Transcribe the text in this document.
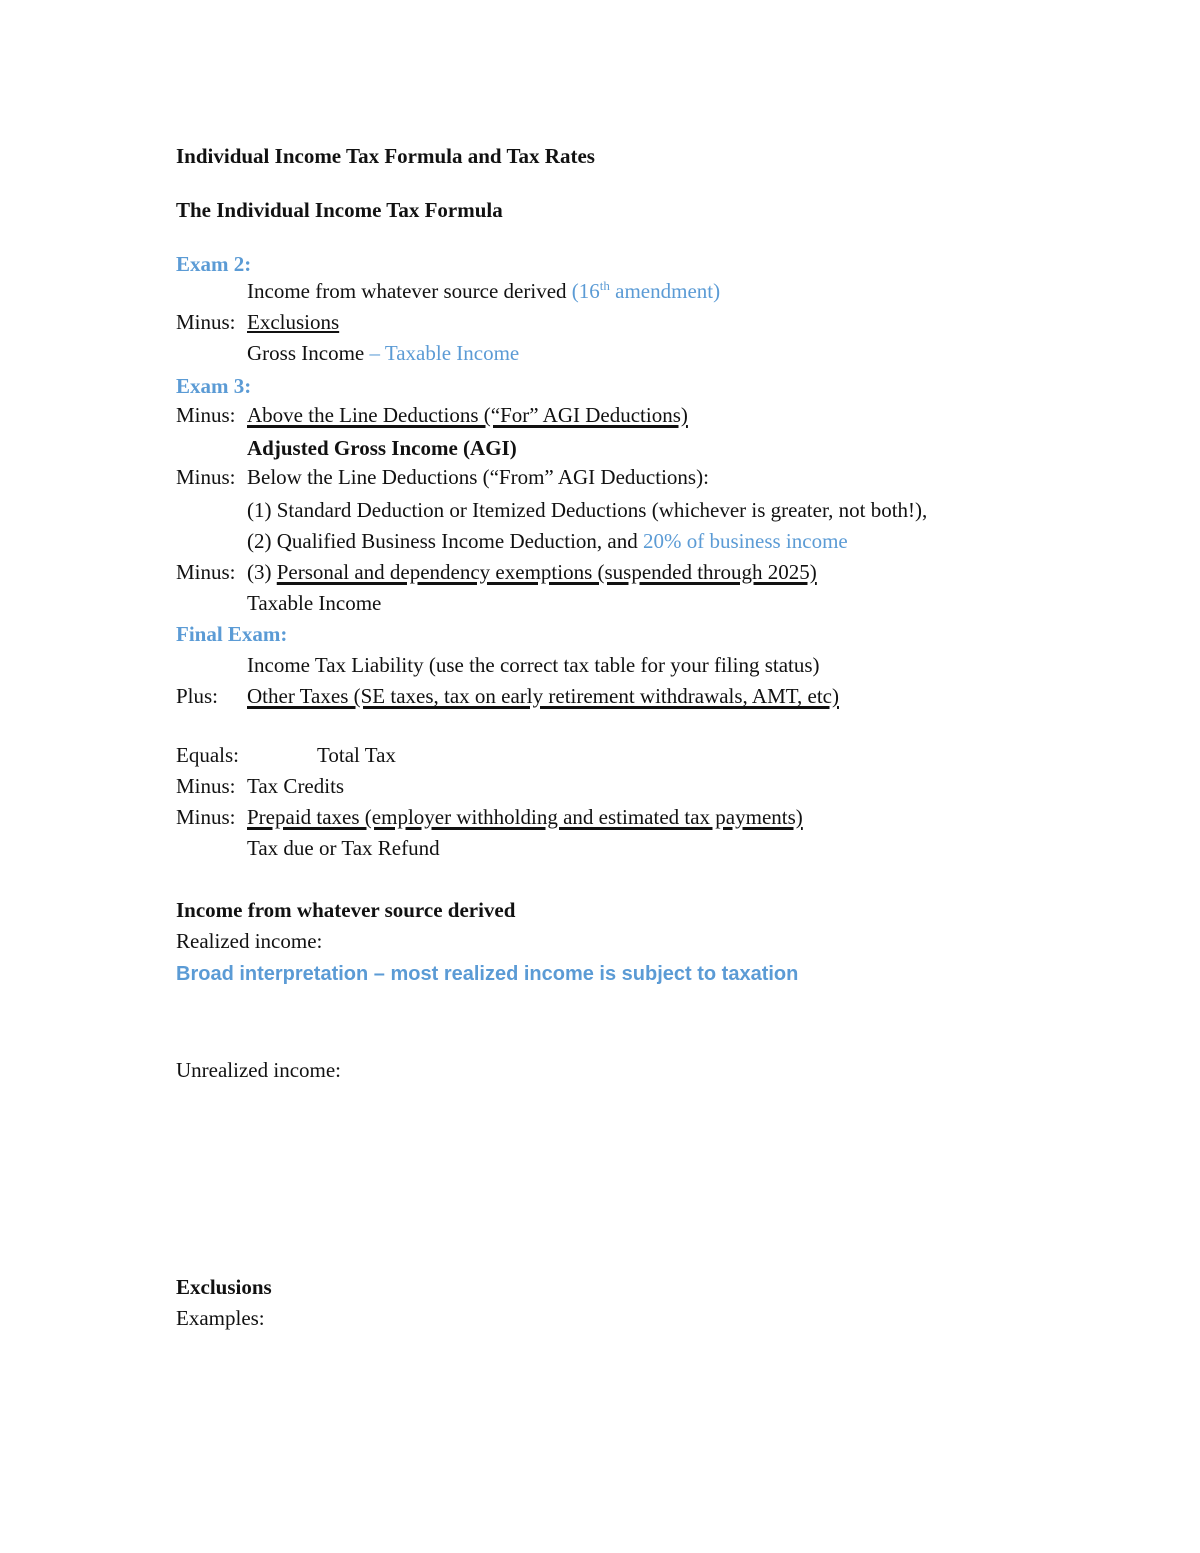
Individual Income Tax Formula and Tax Rates
The Individual Income Tax Formula
Exam 2:
Income from whatever source derived (16th amendment)
Minus: Exclusions
Gross Income – Taxable Income
Exam 3:
Minus: Above the Line Deductions (“For” AGI Deductions)
Adjusted Gross Income (AGI)
Minus: Below the Line Deductions (“From” AGI Deductions):
(1) Standard Deduction or Itemized Deductions (whichever is greater, not both!),
(2) Qualified Business Income Deduction, and 20% of business income
Minus: (3) Personal and dependency exemptions (suspended through 2025)
Taxable Income
Final Exam:
Income Tax Liability (use the correct tax table for your filing status)
Plus: Other Taxes (SE taxes, tax on early retirement withdrawals, AMT, etc)
Equals:	Total Tax
Minus: Tax Credits
Minus: Prepaid taxes (employer withholding and estimated tax payments)
Tax due or Tax Refund
Income from whatever source derived
Realized income:
Broad interpretation – most realized income is subject to taxation
Unrealized income:
Exclusions
Examples:
